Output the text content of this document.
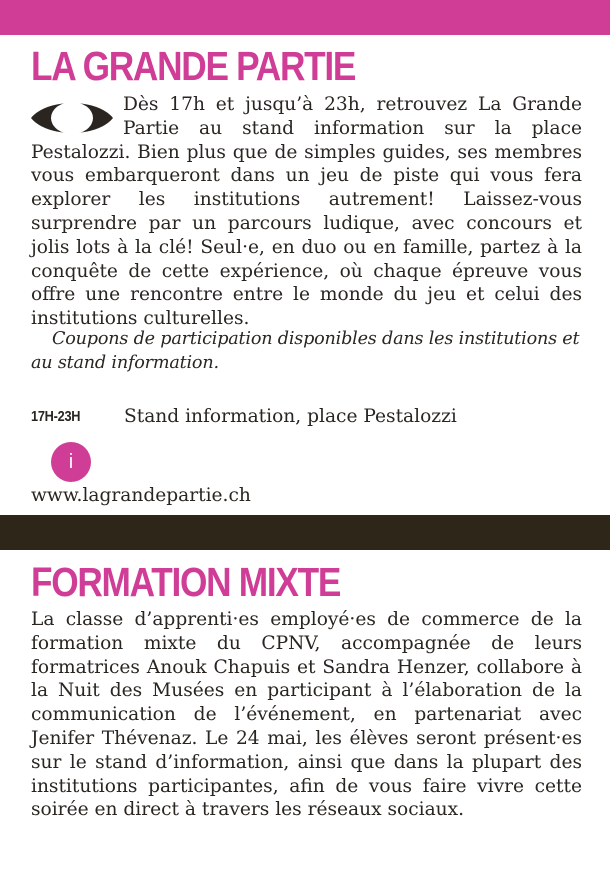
LA GRANDE PARTIE

Dès 17h et jusqu’à 23h, retrouvez La Grande Partie au stand information sur la place Pestalozzi. Bien plus que de simples guides, ses membres vous embarqueront dans un jeu de piste qui vous fera explorer les institutions autrement! Laissez-vous surprendre par un parcours ludique, avec concours et jolis lots à la clé! Seul·e, en duo ou en famille, partez à la conquête de cette expérience, où chaque épreuve vous offre une rencontre entre le monde du jeu et celui des institutions culturelles.

Coupons de participation disponibles dans les institutions et au stand information.

17H-23H Stand information, place Pestalozzi
i
www.lagrandepartie.ch
FORMATION MIXTE

La classe d’apprenti·es employé·es de commerce de la formation mixte du CPNV, accompagnée de leurs formatrices Anouk Chapuis et Sandra Henzer, collabore à la Nuit des Musées en participant à l’élaboration de la communication de l’événement, en partenariat avec Jenifer Thévenaz. Le 24 mai, les élèves seront présent·es sur le stand d’information, ainsi que dans la plupart des institutions participantes, afin de vous faire vivre cette soirée en direct à travers les réseaux sociaux.
